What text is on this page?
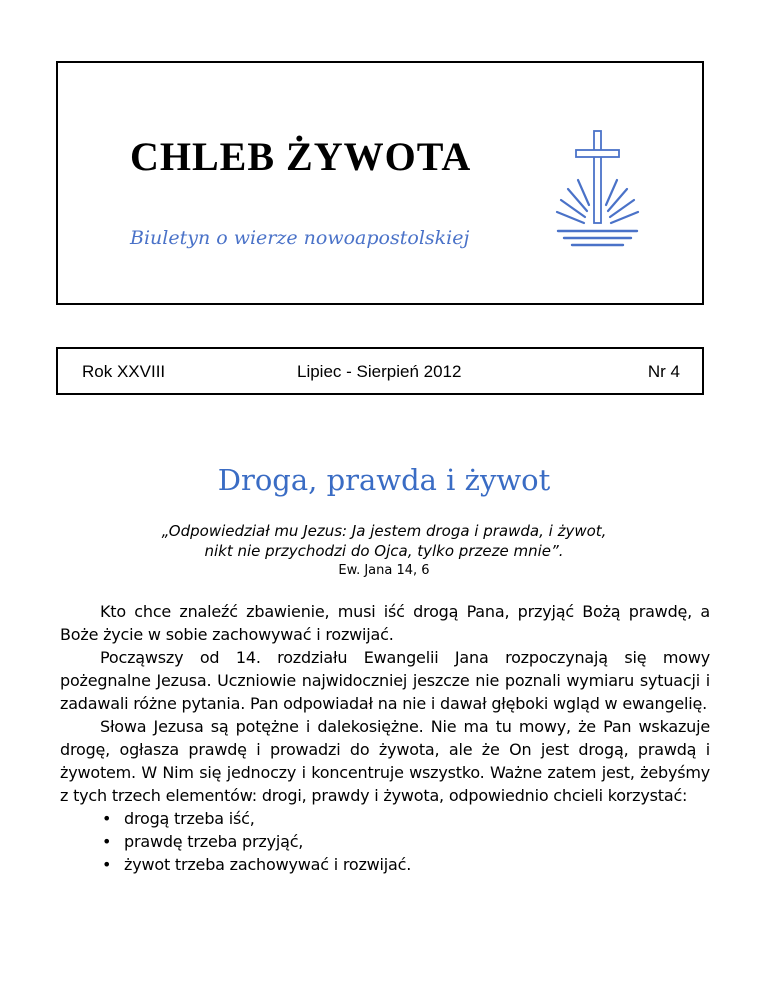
CHLEB ŻYWOTA
Biuletyn o wierze nowoapostolskiej
Rok XXVIII	Lipiec - Sierpień 2012	Nr 4
Droga, prawda i żywot
„Odpowiedział mu Jezus: Ja jestem droga i prawda, i żywot,
nikt nie przychodzi do Ojca, tylko przeze mnie”.
Ew. Jana 14, 6

Kto chce znaleźć zbawienie, musi iść drogą Pana, przyjąć Bożą prawdę, a Boże życie w sobie zachowywać i rozwijać.

Począwszy od 14. rozdziału Ewangelii Jana rozpoczynają się mowy pożegnalne Jezusa. Uczniowie najwidoczniej jeszcze nie poznali wymiaru sytuacji i zadawali różne pytania. Pan odpowiadał na nie i dawał głęboki wgląd w ewangelię.

Słowa Jezusa są potężne i dalekosiężne. Nie ma tu mowy, że Pan wskazuje drogę, ogłasza prawdę i prowadzi do żywota, ale że On jest drogą, prawdą i żywotem. W Nim się jednoczy i koncentruje wszystko. Ważne zatem jest, żebyśmy z tych trzech elementów: drogi, prawdy i żywota, odpowiednio chcieli korzystać:

• drogą trzeba iść,
• prawdę trzeba przyjąć,
• żywot trzeba zachowywać i rozwijać.
